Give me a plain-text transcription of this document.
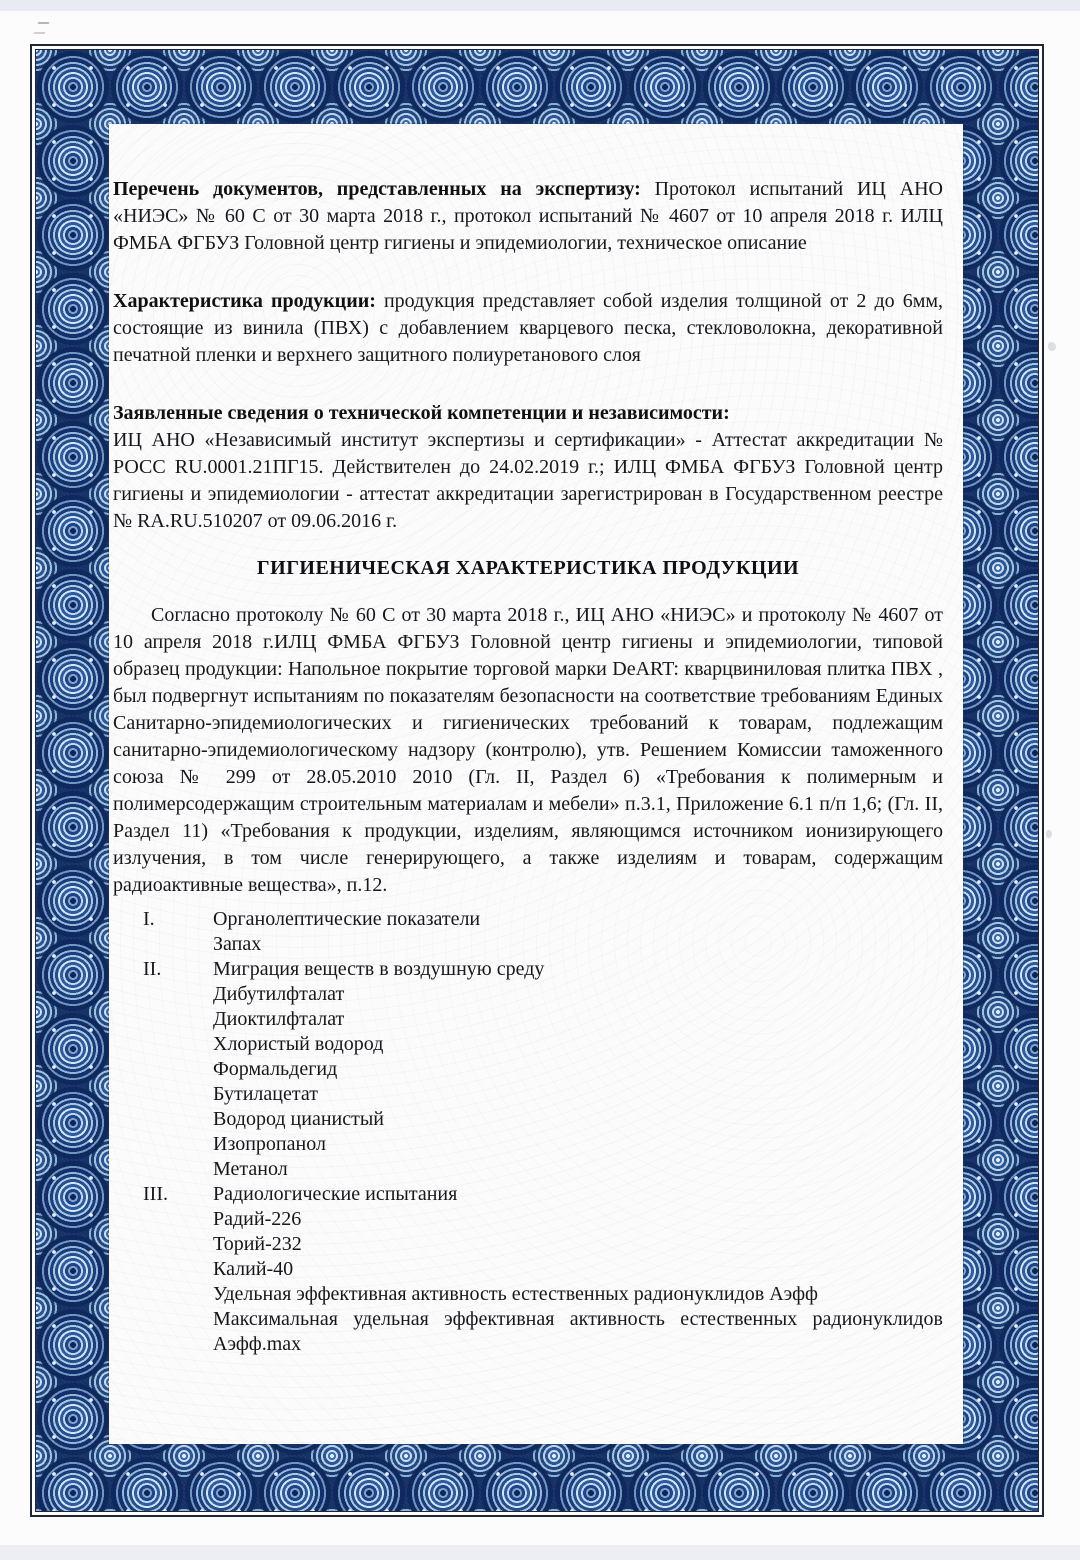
Перечень документов, представленных на экспертизу: Протокол испытаний ИЦ АНО «НИЭС» № 60 С от 30 марта 2018 г., протокол испытаний № 4607 от 10 апреля 2018 г. ИЛЦ ФМБА ФГБУЗ Головной центр гигиены и эпидемиологии, техническое описание

Характеристика продукции: продукция представляет собой изделия толщиной от 2 до 6мм, состоящие из винила (ПВХ) с добавлением кварцевого песка, стекловолокна, декоративной печатной пленки и верхнего защитного полиуретанового слоя

Заявленные сведения о технической компетенции и независимости:
ИЦ АНО «Независимый институт экспертизы и сертификации» - Аттестат аккредитации № РОСС RU.0001.21ПГ15. Действителен до 24.02.2019 г.; ИЛЦ ФМБА ФГБУЗ Головной центр гигиены и эпидемиологии - аттестат аккредитации зарегистрирован в Государственном реестре № RA.RU.510207 от 09.06.2016 г.

ГИГИЕНИЧЕСКАЯ ХАРАКТЕРИСТИКА ПРОДУКЦИИ

Согласно протоколу № 60 С от 30 марта 2018 г., ИЦ АНО «НИЭС» и протоколу № 4607 от 10 апреля 2018 г.ИЛЦ ФМБА ФГБУЗ Головной центр гигиены и эпидемиологии, типовой образец продукции: Напольное покрытие торговой марки DeART: кварцвиниловая плитка ПВХ , был подвергнут испытаниям по показателям безопасности на соответствие требованиям Единых Санитарно-эпидемиологических и гигиенических требований к товарам, подлежащим санитарно-эпидемиологическому надзору (контролю), утв. Решением Комиссии таможенного союза № 299 от 28.05.2010 2010 (Гл. II, Раздел 6) «Требования к полимерным и полимерсодержащим строительным материалам и мебели» п.3.1, Приложение 6.1 п/п 1,6; (Гл. II, Раздел 11) «Требования к продукции, изделиям, являющимся источником ионизирующего излучения, в том числе генерирующего, а также изделиям и товарам, содержащим радиоактивные вещества», п.12.

I.	Органолептические показатели
Запах
II.	Миграция веществ в воздушную среду
Дибутилфталат
Диоктилфталат
Хлористый водород
Формальдегид
Бутилацетат
Водород цианистый
Изопропанол
Метанол
III. Радиологические испытания
Радий-226
Торий-232
Калий-40
Удельная эффективная активность естественных радионуклидов Аэфф
Максимальная удельная эффективная активность естественных радионуклидов Аэфф.max
